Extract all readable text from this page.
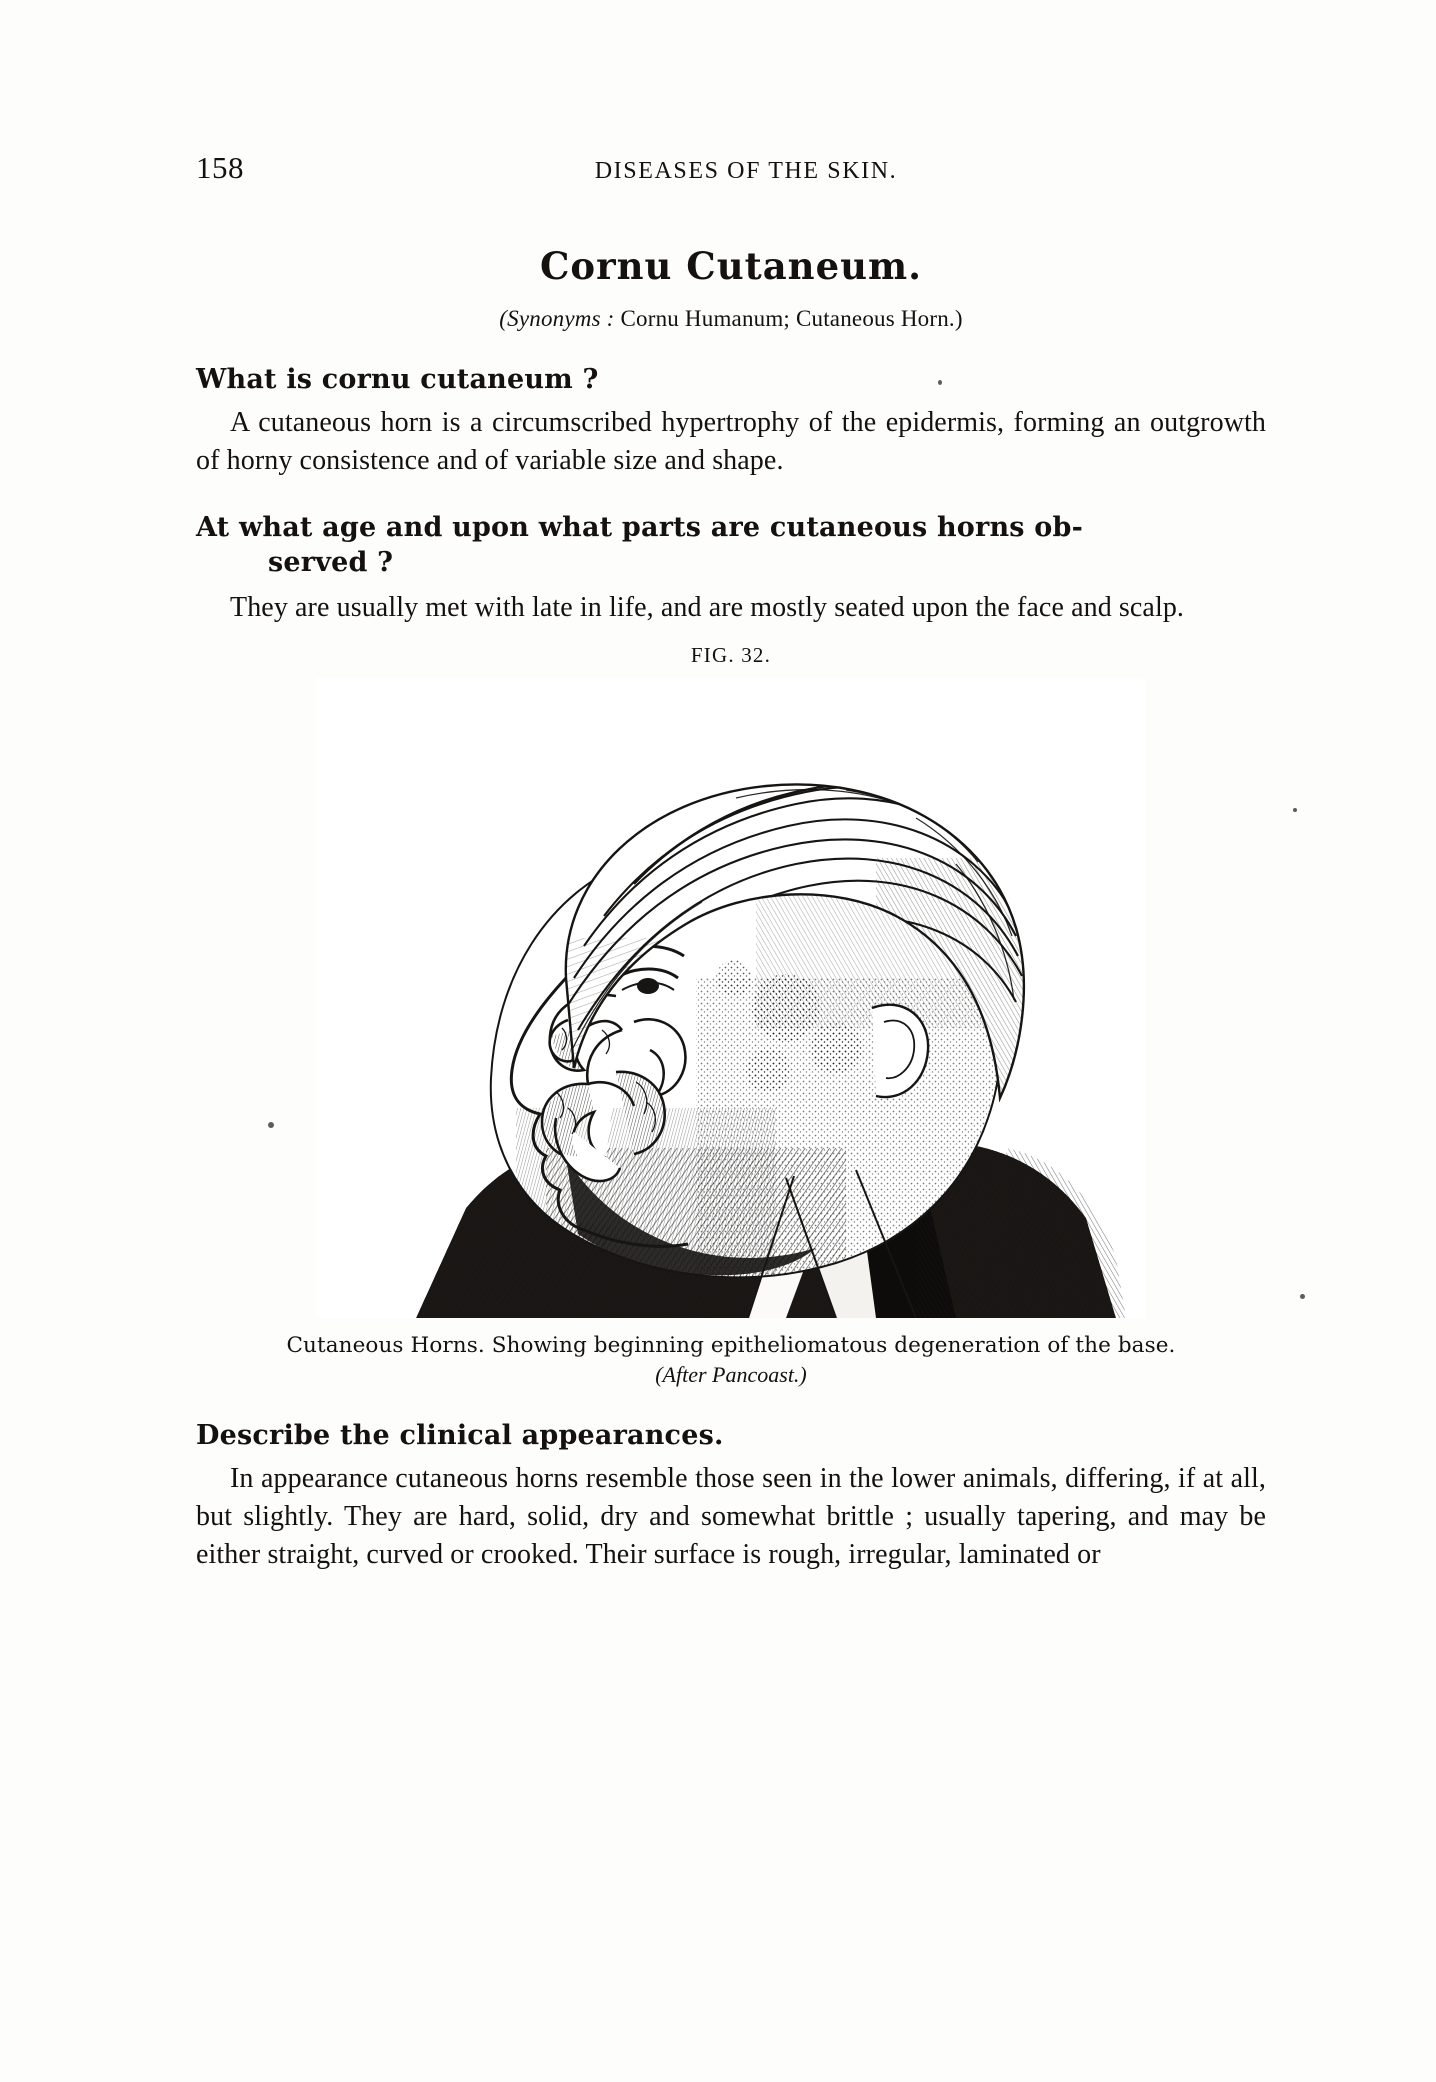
158	DISEASES OF THE SKIN.
Cornu Cutaneum.
(Synonyms : Cornu Humanum; Cutaneous Horn.)
What is cornu cutaneum ?

A cutaneous horn is a circumscribed hypertrophy of the epidermis, forming an outgrowth of horny consistence and of variable size and shape.

At what age and upon what parts are cutaneous horns ob-
served ?

They are usually met with late in life, and are mostly seated upon the face and scalp.

FIG. 32.
Cutaneous Horns. Showing beginning epitheliomatous degeneration of the base.
(After Pancoast.)
Describe the clinical appearances.

In appearance cutaneous horns resemble those seen in the lower animals, differing, if at all, but slightly. They are hard, solid, dry and somewhat brittle ; usually tapering, and may be either straight, curved or crooked. Their surface is rough, irregular, laminated or
